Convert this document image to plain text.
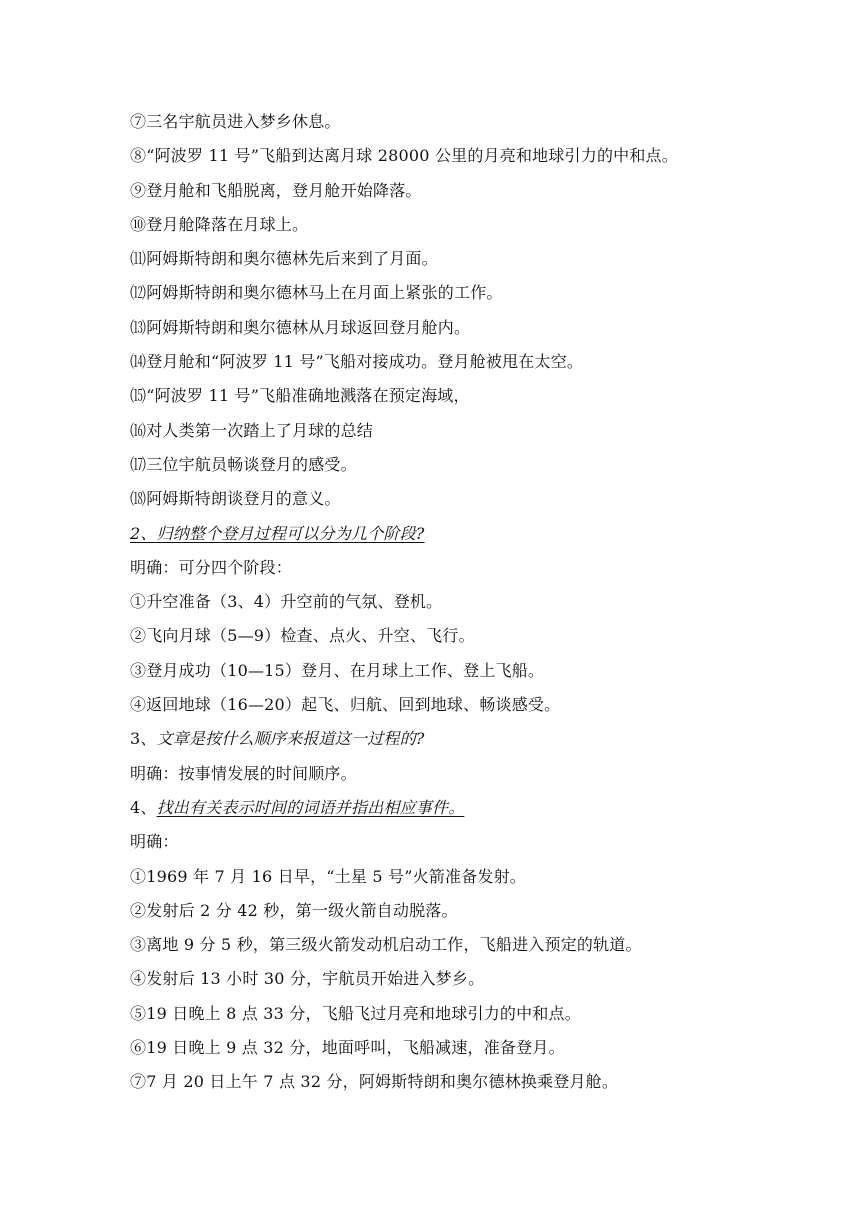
⑦三名宇航员进入梦乡休息。
⑧“阿波罗 11 号”飞船到达离月球 28000 公里的月亮和地球引力的中和点。
⑨登月舱和飞船脱离，登月舱开始降落。
⑩登月舱降落在月球上。
⑾阿姆斯特朗和奥尔德林先后来到了月面。
⑿阿姆斯特朗和奥尔德林马上在月面上紧张的工作。
⒀阿姆斯特朗和奥尔德林从月球返回登月舱内。
⒁登月舱和“阿波罗 11 号”飞船对接成功。登月舱被甩在太空。
⒂“阿波罗 11 号”飞船准确地溅落在预定海域，
⒃对人类第一次踏上了月球的总结
⒄三位宇航员畅谈登月的感受。
⒅阿姆斯特朗谈登月的意义。
2、归纳整个登月过程可以分为几个阶段?
明确：可分四个阶段：
①升空准备（3、4）升空前的气氛、登机。
②飞向月球（5—9）检查、点火、升空、飞行。
③登月成功（10—15）登月、在月球上工作、登上飞船。
④返回地球（16—20）起飞、归航、回到地球、畅谈感受。
3、文章是按什么顺序来报道这一过程的?
明确：按事情发展的时间顺序。
4、找出有关表示时间的词语并指出相应事件。
明确：
①1969 年 7 月 16 日早，“土星 5 号”火箭准备发射。
②发射后 2 分 42 秒，第一级火箭自动脱落。
③离地 9 分 5 秒，第三级火箭发动机启动工作，飞船进入预定的轨道。
④发射后 13 小时 30 分，宇航员开始进入梦乡。
⑤19 日晚上 8 点 33 分，飞船飞过月亮和地球引力的中和点。
⑥19 日晚上 9 点 32 分，地面呼叫，飞船减速，准备登月。
⑦7 月 20 日上午 7 点 32 分，阿姆斯特朗和奥尔德林换乘登月舱。
